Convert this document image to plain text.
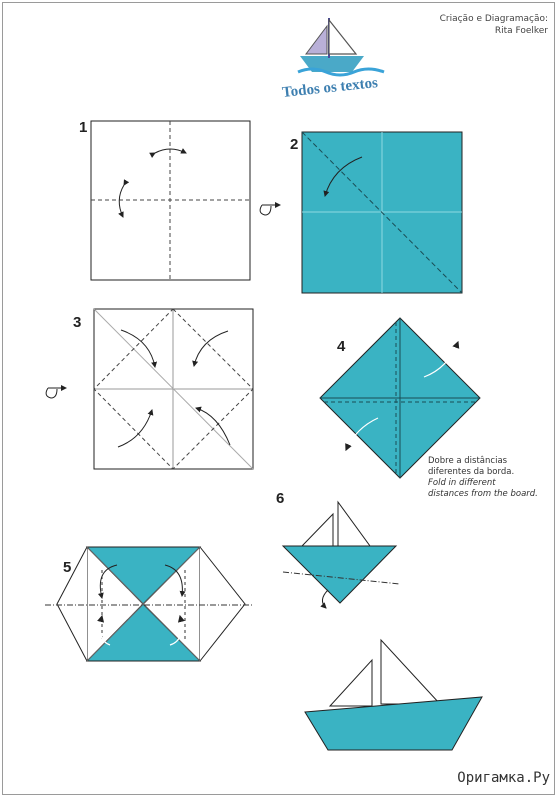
Criação e Diagramação:
Rita Foelker
Todos os textos
1
2
3
4
5
6
Dobre a distâncias
diferentes da borda.
Fold in different
distances from the board.
Оригамка.Ру
